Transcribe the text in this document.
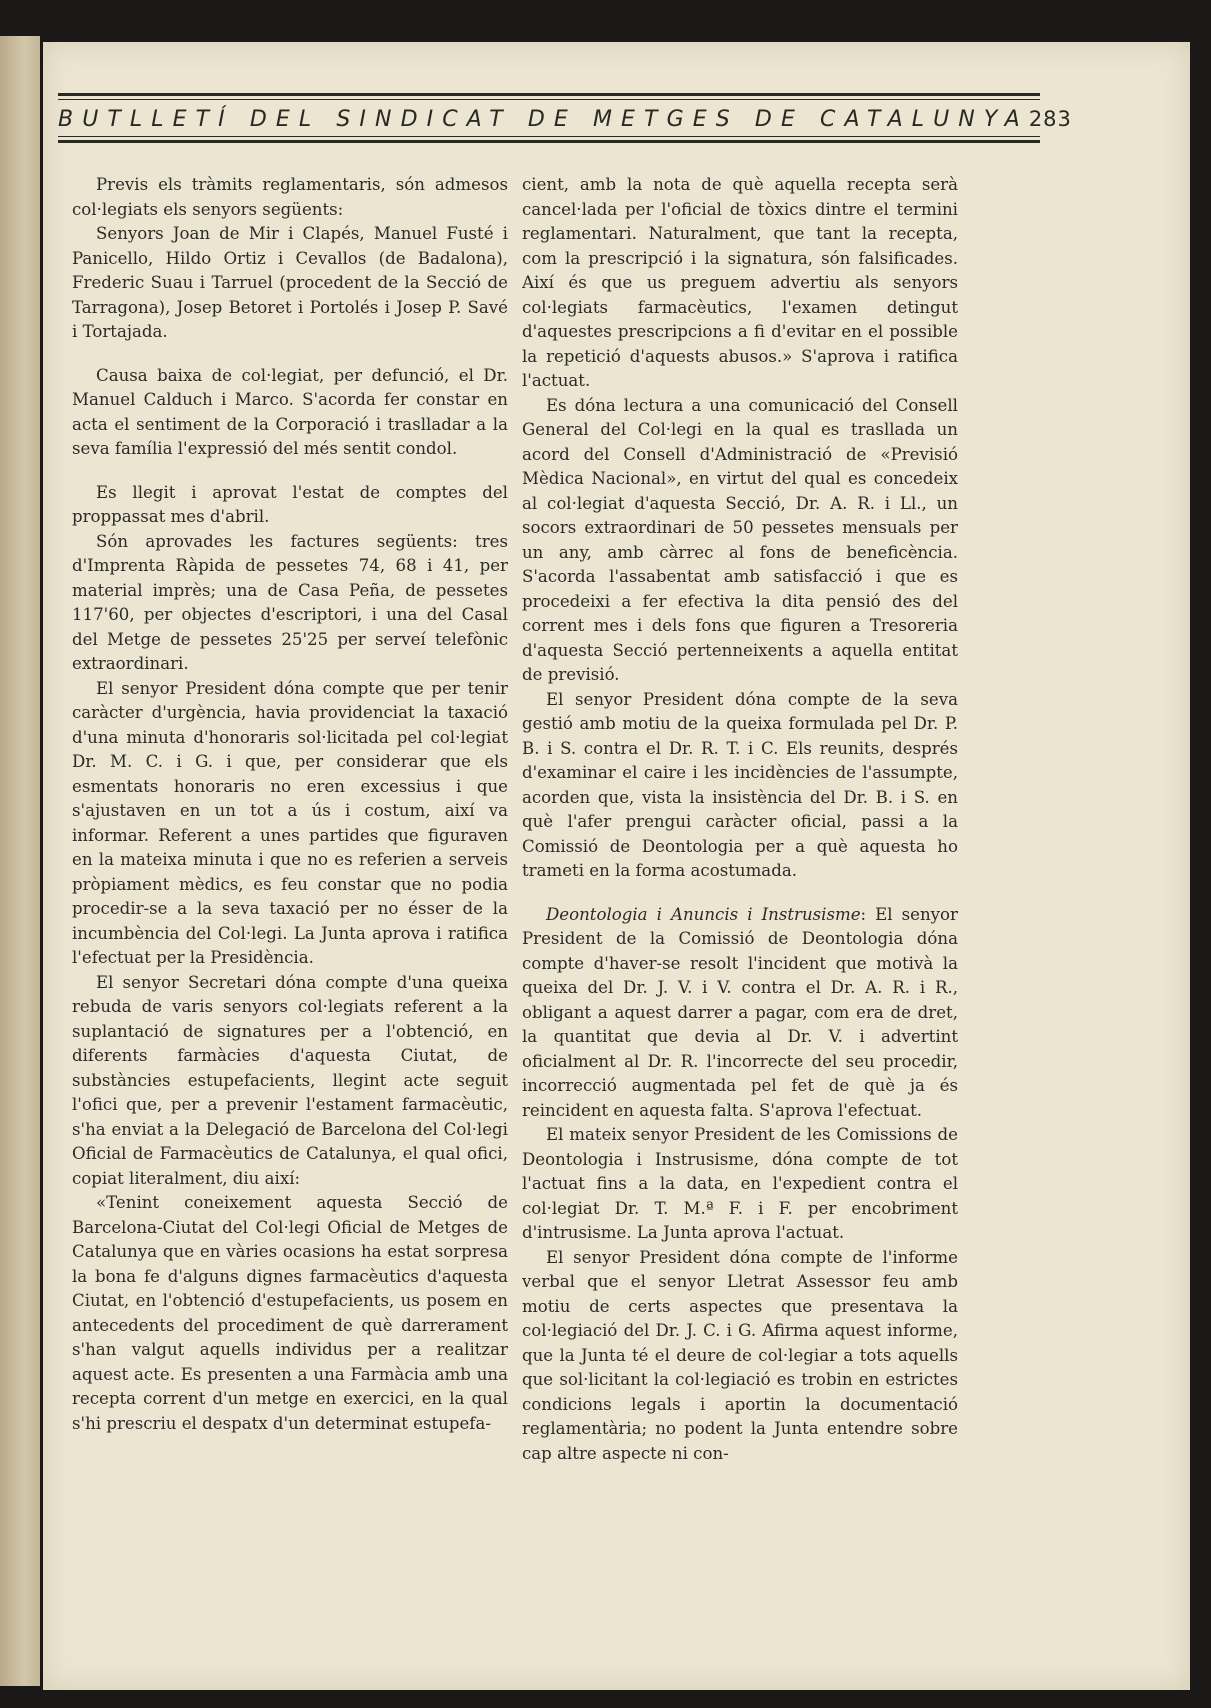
BUTLLETÍ DEL SINDICAT DE METGES DE CATALUNYA 283

Previs els tràmits reglamentaris, són admesos col·legiats els senyors següents:

Senyors Joan de Mir i Clapés, Manuel Fusté i Panicello, Hildo Ortiz i Cevallos (de Badalona), Frederic Suau i Tarruel (procedent de la Secció de Tarragona), Josep Betoret i Portolés i Josep P. Savé i Tortajada.

Causa baixa de col·legiat, per defunció, el Dr. Manuel Calduch i Marco. S'acorda fer constar en acta el sentiment de la Corporació i traslladar a la seva família l'expressió del més sentit condol.

Es llegit i aprovat l'estat de comptes del proppassat mes d'abril.

Són aprovades les factures següents: tres d'Imprenta Ràpida de pessetes 74, 68 i 41, per material imprès; una de Casa Peña, de pessetes 117'60, per objectes d'escriptori, i una del Casal del Metge de pessetes 25'25 per serveí telefònic extraordinari.

El senyor President dóna compte que per tenir caràcter d'urgència, havia providenciat la taxació d'una minuta d'honoraris sol·licitada pel col·legiat Dr. M. C. i G. i que, per considerar que els esmentats honoraris no eren excessius i que s'ajustaven en un tot a ús i costum, així va informar. Referent a unes partides que figuraven en la mateixa minuta i que no es referien a serveis pròpiament mèdics, es feu constar que no podia procedir-se a la seva taxació per no ésser de la incumbència del Col·legi. La Junta aprova i ratifica l'efectuat per la Presidència.

El senyor Secretari dóna compte d'una queixa rebuda de varis senyors col·legiats referent a la suplantació de signatures per a l'obtenció, en diferents farmàcies d'aquesta Ciutat, de substàncies estupefacients, llegint acte seguit l'ofici que, per a prevenir l'estament farmacèutic, s'ha enviat a la Delegació de Barcelona del Col·legi Oficial de Farmacèutics de Catalunya, el qual ofici, copiat literalment, diu així:

«Tenint coneixement aquesta Secció de Barcelona-Ciutat del Col·legi Oficial de Metges de Catalunya que en vàries ocasions ha estat sorpresa la bona fe d'alguns dignes farmacèutics d'aquesta Ciutat, en l'obtenció d'estupefacients, us posem en antecedents del procediment de què darrerament s'han valgut aquells individus per a realitzar aquest acte. Es presenten a una Farmàcia amb una recepta corrent d'un metge en exercici, en la qual s'hi prescriu el despatx d'un determinat estupefa-

cient, amb la nota de què aquella recepta serà cancel·lada per l'oficial de tòxics dintre el termini reglamentari. Naturalment, que tant la recepta, com la prescripció i la signatura, són falsificades. Així és que us preguem advertiu als senyors col·legiats farmacèutics, l'examen detingut d'aquestes prescripcions a fi d'evitar en el possible la repetició d'aquests abusos.» S'aprova i ratifica l'actuat.

Es dóna lectura a una comunicació del Consell General del Col·legi en la qual es trasllada un acord del Consell d'Administració de «Previsió Mèdica Nacional», en virtut del qual es concedeix al col·legiat d'aquesta Secció, Dr. A. R. i Ll., un socors extraordinari de 50 pessetes mensuals per un any, amb càrrec al fons de beneficència. S'acorda l'assabentat amb satisfacció i que es procedeixi a fer efectiva la dita pensió des del corrent mes i dels fons que figuren a Tresoreria d'aquesta Secció pertenneixents a aquella entitat de previsió.

El senyor President dóna compte de la seva gestió amb motiu de la queixa formulada pel Dr. P. B. i S. contra el Dr. R. T. i C. Els reunits, després d'examinar el caire i les incidències de l'assumpte, acorden que, vista la insistència del Dr. B. i S. en què l'afer prengui caràcter oficial, passi a la Comissió de Deontologia per a què aquesta ho trameti en la forma acostumada.

Deontologia i Anuncis i Instrusisme: El senyor President de la Comissió de Deontologia dóna compte d'haver-se resolt l'incident que motivà la queixa del Dr. J. V. i V. contra el Dr. A. R. i R., obligant a aquest darrer a pagar, com era de dret, la quantitat que devia al Dr. V. i advertint oficialment al Dr. R. l'incorrecte del seu procedir, incorrecció augmentada pel fet de què ja és reincident en aquesta falta. S'aprova l'efectuat.

El mateix senyor President de les Comissions de Deontologia i Instrusisme, dóna compte de tot l'actuat fins a la data, en l'expedient contra el col·legiat Dr. T. M.ª F. i F. per encobriment d'intrusisme. La Junta aprova l'actuat.

El senyor President dóna compte de l'informe verbal que el senyor Lletrat Assessor feu amb motiu de certs aspectes que presentava la col·legiació del Dr. J. C. i G. Afirma aquest informe, que la Junta té el deure de col·legiar a tots aquells que sol·licitant la col·legiació es trobin en estrictes condicions legals i aportin la documentació reglamentària; no podent la Junta entendre sobre cap altre aspecte ni con-
